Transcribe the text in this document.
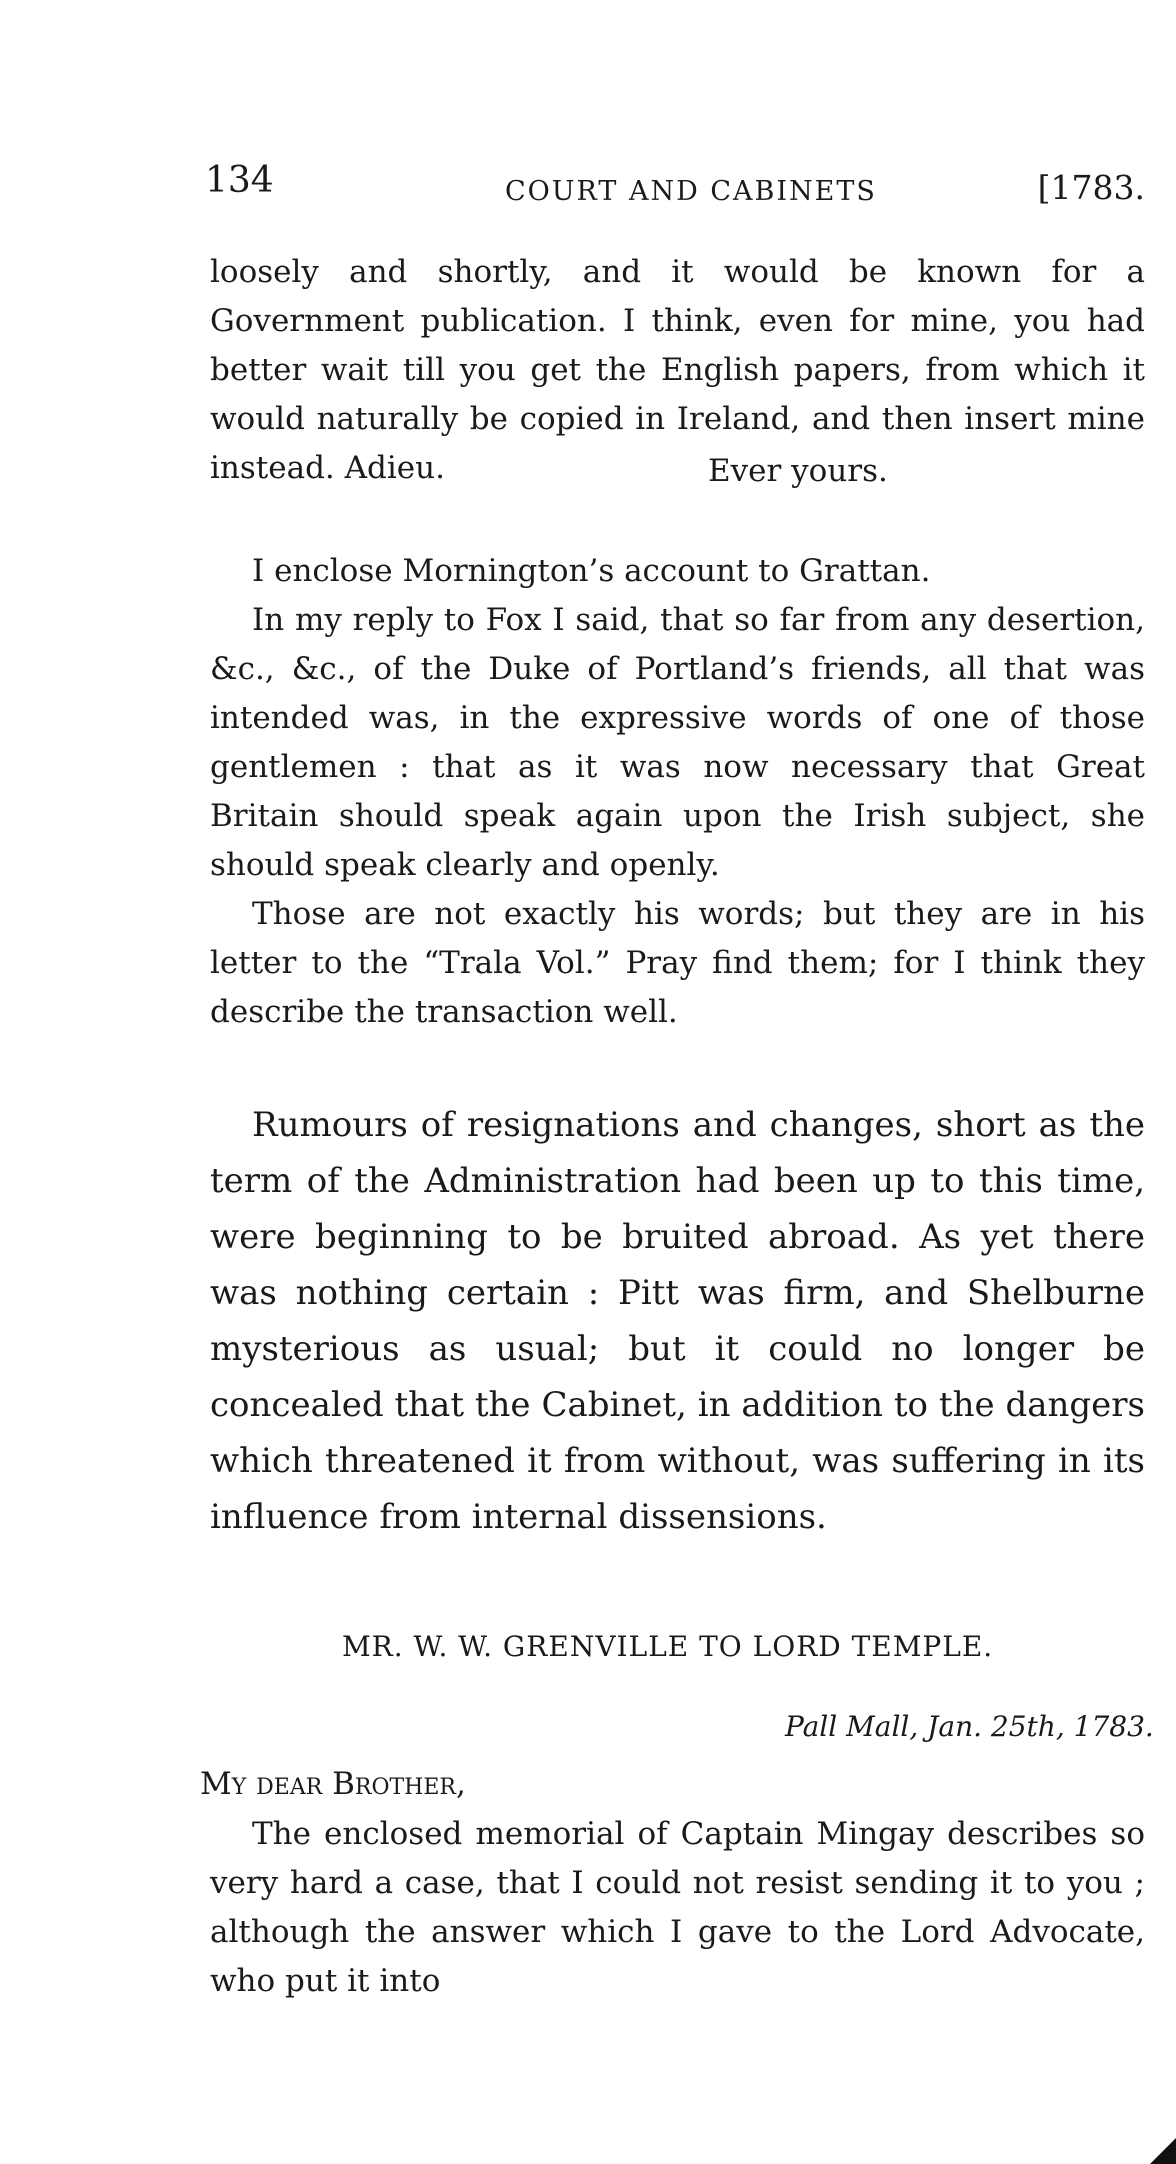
134	COURT AND CABINETS	[1783.

loosely and shortly, and it would be known for a Government publication. I think, even for mine, you had better wait till you get the English papers, from which it would naturally be copied in Ireland, and then insert mine instead. Adieu.	Ever yours.

I enclose Mornington’s account to Grattan.

In my reply to Fox I said, that so far from any desertion, &c., &c., of the Duke of Portland’s friends, all that was intended was, in the expressive words of one of those gentlemen : that as it was now necessary that Great Britain should speak again upon the Irish subject, she should speak clearly and openly.

Those are not exactly his words; but they are in his letter to the “Trala Vol.” Pray find them; for I think they describe the transaction well.

Rumours of resignations and changes, short as the term of the Administration had been up to this time, were beginning to be bruited abroad. As yet there was nothing certain : Pitt was firm, and Shelburne mysterious as usual; but it could no longer be concealed that the Cabinet, in addition to the dangers which threatened it from without, was suffering in its influence from internal dissensions.

MR. W. W. GRENVILLE TO LORD TEMPLE.
Pall Mall, Jan. 25th, 1783.
My dear Brother,

The enclosed memorial of Captain Mingay describes so very hard a case, that I could not resist sending it to you ; although the answer which I gave to the Lord Advocate, who put it into
